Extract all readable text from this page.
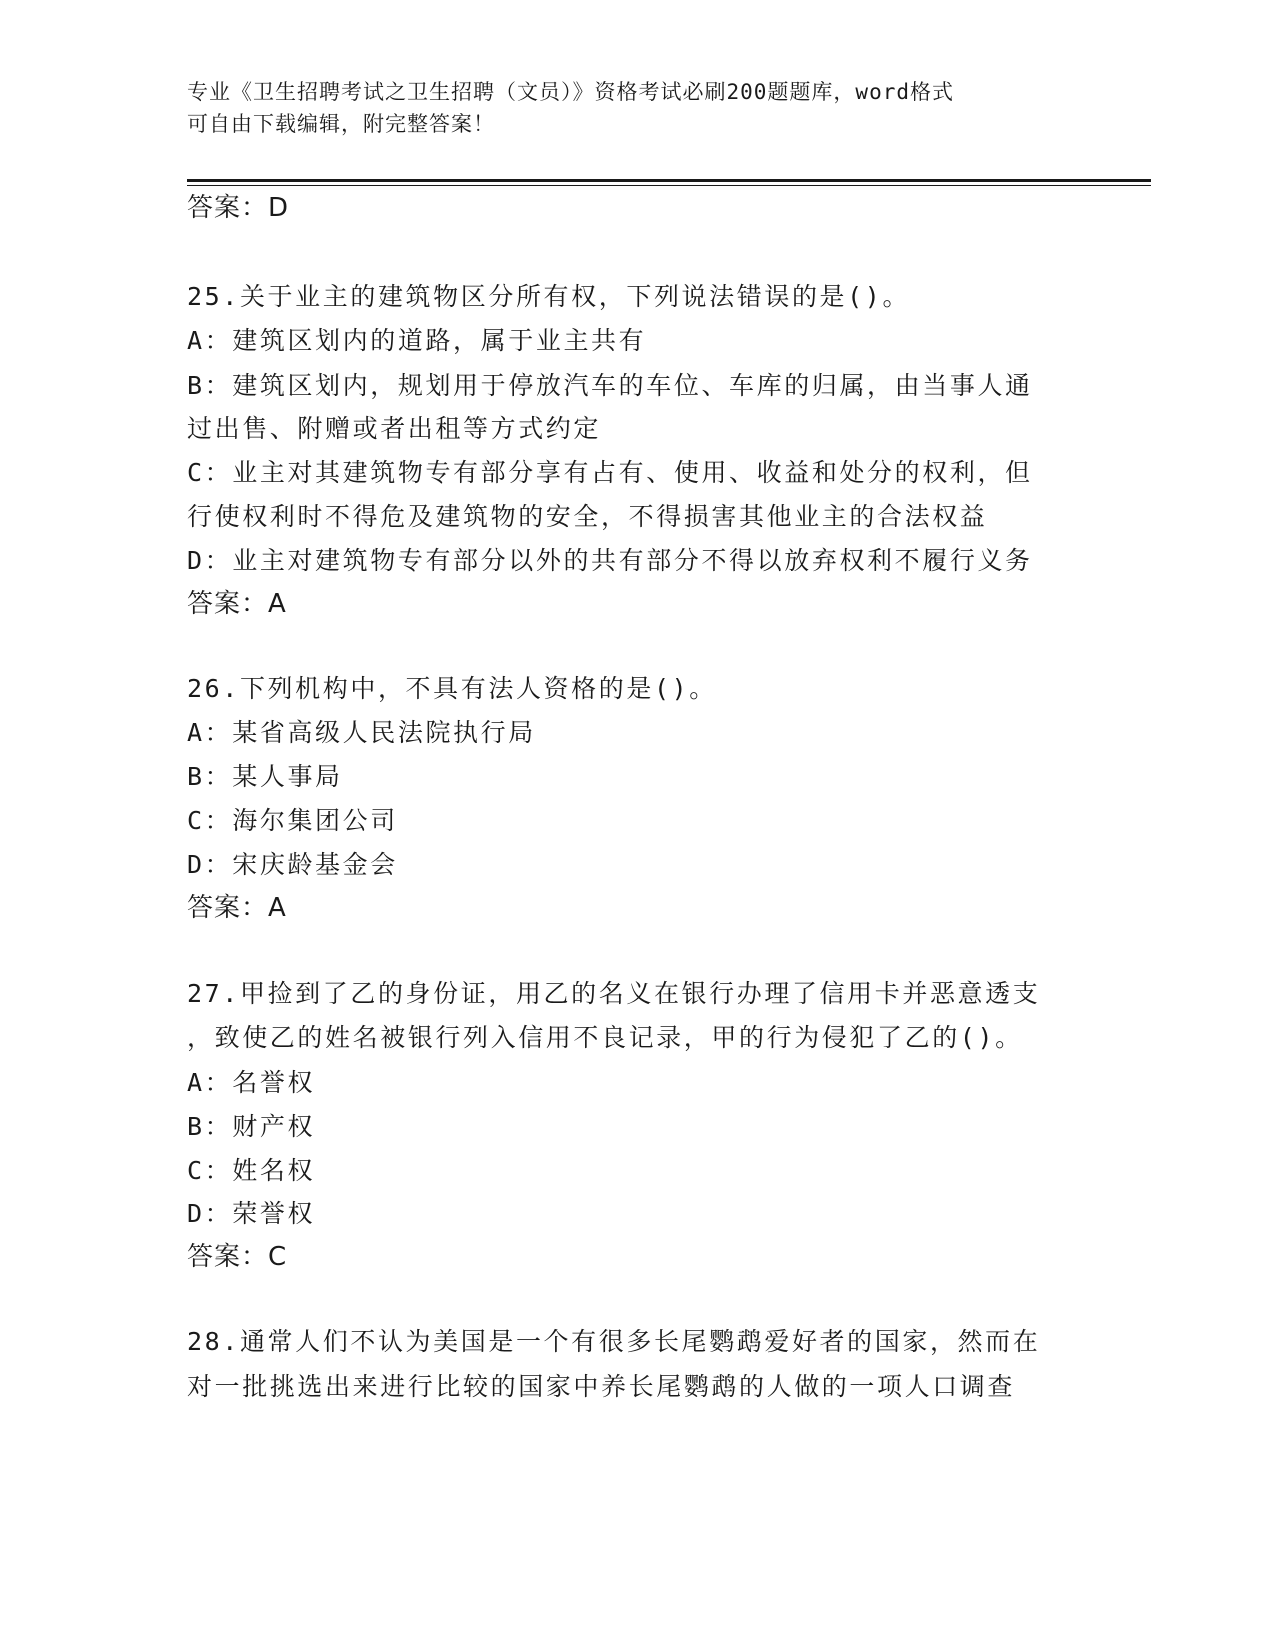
专业《卫生招聘考试之卫生招聘（文员）》资格考试必刷200题题库，word格式
可自由下载编辑，附完整答案！
答案：D
25.关于业主的建筑物区分所有权，下列说法错误的是()。
A：建筑区划内的道路，属于业主共有
B：建筑区划内，规划用于停放汽车的车位、车库的归属，由当事人通
过出售、附赠或者出租等方式约定
C：业主对其建筑物专有部分享有占有、使用、收益和处分的权利，但
行使权利时不得危及建筑物的安全，不得损害其他业主的合法权益
D：业主对建筑物专有部分以外的共有部分不得以放弃权利不履行义务
答案：A
26.下列机构中，不具有法人资格的是()。
A：某省高级人民法院执行局
B：某人事局
C：海尔集团公司
D：宋庆龄基金会
答案：A
27.甲捡到了乙的身份证，用乙的名义在银行办理了信用卡并恶意透支
，致使乙的姓名被银行列入信用不良记录，甲的行为侵犯了乙的()。
A：名誉权
B：财产权
C：姓名权
D：荣誉权
答案：C
28.通常人们不认为美国是一个有很多长尾鹦鹉爱好者的国家，然而在
对一批挑选出来进行比较的国家中养长尾鹦鹉的人做的一项人口调查
